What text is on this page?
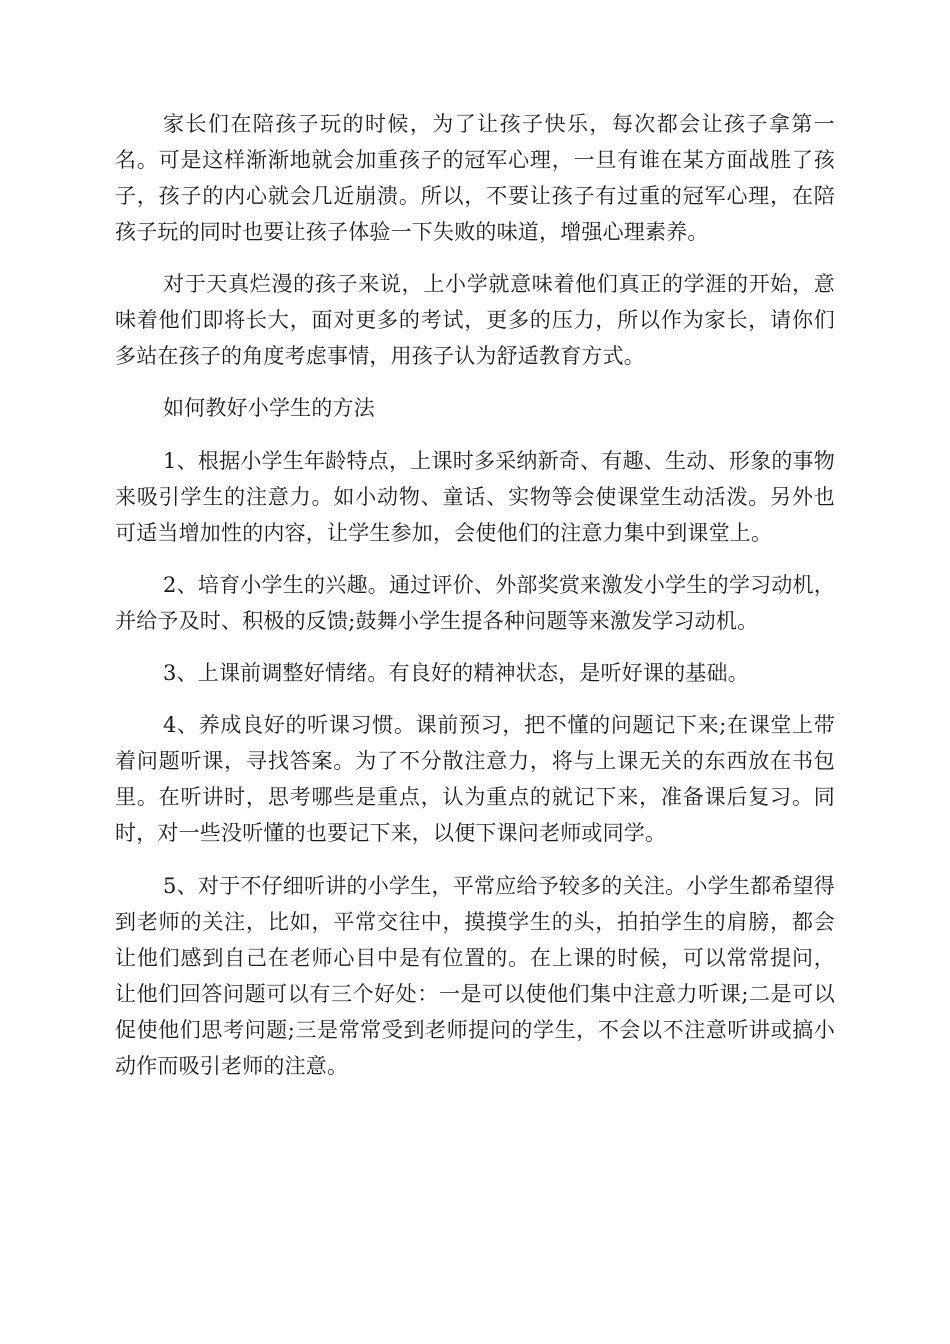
家长们在陪孩子玩的时候，为了让孩子快乐，每次都会让孩子拿第一名。可是这样渐渐地就会加重孩子的冠军心理，一旦有谁在某方面战胜了孩子，孩子的内心就会几近崩溃。所以，不要让孩子有过重的冠军心理，在陪孩子玩的同时也要让孩子体验一下失败的味道，增强心理素养。

对于天真烂漫的孩子来说，上小学就意味着他们真正的学涯的开始，意味着他们即将长大，面对更多的考试，更多的压力，所以作为家长，请你们多站在孩子的角度考虑事情，用孩子认为舒适教育方式。

如何教好小学生的方法

1、根据小学生年龄特点，上课时多采纳新奇、有趣、生动、形象的事物来吸引学生的注意力。如小动物、童话、实物等会使课堂生动活泼。另外也可适当增加性的内容，让学生参加，会使他们的注意力集中到课堂上。

2、培育小学生的兴趣。通过评价、外部奖赏来激发小学生的学习动机，并给予及时、积极的反馈;鼓舞小学生提各种问题等来激发学习动机。

3、上课前调整好情绪。有良好的精神状态，是听好课的基础。

4、养成良好的听课习惯。课前预习，把不懂的问题记下来;在课堂上带着问题听课，寻找答案。为了不分散注意力，将与上课无关的东西放在书包里。在听讲时，思考哪些是重点，认为重点的就记下来，准备课后复习。同时，对一些没听懂的也要记下来，以便下课问老师或同学。

5、对于不仔细听讲的小学生，平常应给予较多的关注。小学生都希望得到老师的关注，比如，平常交往中，摸摸学生的头，拍拍学生的肩膀，都会让他们感到自己在老师心目中是有位置的。在上课的时候，可以常常提问，让他们回答问题可以有三个好处：一是可以使他们集中注意力听课;二是可以促使他们思考问题;三是常常受到老师提问的学生，不会以不注意听讲或搞小动作而吸引老师的注意。
